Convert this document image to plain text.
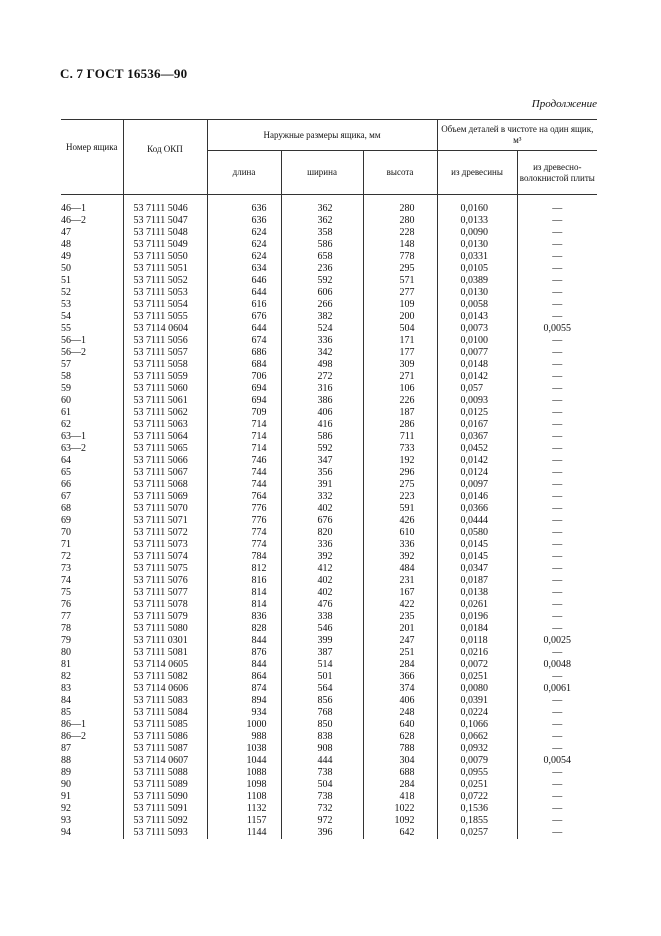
С. 7 ГОСТ 16536—90
Продолжение
Номер ящика	Код ОКП	Наружные размеры ящика, мм			Объем деталей в чистоте на один ящик, м³	
		длина	ширина	высота	из древесины	из древесно-волокнистой плиты

46—1	53 7111 5046	636	362	280	0,0160	—
46—2	53 7111 5047	636	362	280	0,0133	—
47	53 7111 5048	624	358	228	0,0090	—
48	53 7111 5049	624	586	148	0,0130	—
49	53 7111 5050	624	658	778	0,0331	—
50	53 7111 5051	634	236	295	0,0105	—
51	53 7111 5052	646	592	571	0,0389	—
52	53 7111 5053	644	606	277	0,0130	—
53	53 7111 5054	616	266	109	0,0058	—
54	53 7111 5055	676	382	200	0,0143	—
55	53 7114 0604	644	524	504	0,0073	0,0055
56—1	53 7111 5056	674	336	171	0,0100	—
56—2	53 7111 5057	686	342	177	0,0077	—
57	53 7111 5058	684	498	309	0,0148	—
58	53 7111 5059	706	272	271	0,0142	—
59	53 7111 5060	694	316	106	0,057	—
60	53 7111 5061	694	386	226	0,0093	—
61	53 7111 5062	709	406	187	0,0125	—
62	53 7111 5063	714	416	286	0,0167	—
63—1	53 7111 5064	714	586	711	0,0367	—
63—2	53 7111 5065	714	592	733	0,0452	—
64	53 7111 5066	746	347	192	0,0142	—
65	53 7111 5067	744	356	296	0,0124	—
66	53 7111 5068	744	391	275	0,0097	—
67	53 7111 5069	764	332	223	0,0146	—
68	53 7111 5070	776	402	591	0,0366	—
69	53 7111 5071	776	676	426	0,0444	—
70	53 7111 5072	774	820	610	0,0580	—
71	53 7111 5073	774	336	336	0,0145	—
72	53 7111 5074	784	392	392	0,0145	—
73	53 7111 5075	812	412	484	0,0347	—
74	53 7111 5076	816	402	231	0,0187	—
75	53 7111 5077	814	402	167	0,0138	—
76	53 7111 5078	814	476	422	0,0261	—
77	53 7111 5079	836	338	235	0,0196	—
78	53 7111 5080	828	546	201	0,0184	—
79	53 7111 0301	844	399	247	0,0118	0,0025
80	53 7111 5081	876	387	251	0,0216	—
81	53 7114 0605	844	514	284	0,0072	0,0048
82	53 7111 5082	864	501	366	0,0251	—
83	53 7114 0606	874	564	374	0,0080	0,0061
84	53 7111 5083	894	856	406	0,0391	—
85	53 7111 5084	934	768	248	0,0224	—
86—1	53 7111 5085	1000	850	640	0,1066	—
86—2	53 7111 5086	988	838	628	0,0662	—
87	53 7111 5087	1038	908	788	0,0932	—
88	53 7114 0607	1044	444	304	0,0079	0,0054
89	53 7111 5088	1088	738	688	0,0955	—
90	53 7111 5089	1098	504	284	0,0251	—
91	53 7111 5090	1108	738	418	0,0722	—
92	53 7111 5091	1132	732	1022	0,1536	—
93	53 7111 5092	1157	972	1092	0,1855	—
94	53 7111 5093	1144	396	642	0,0257	—
